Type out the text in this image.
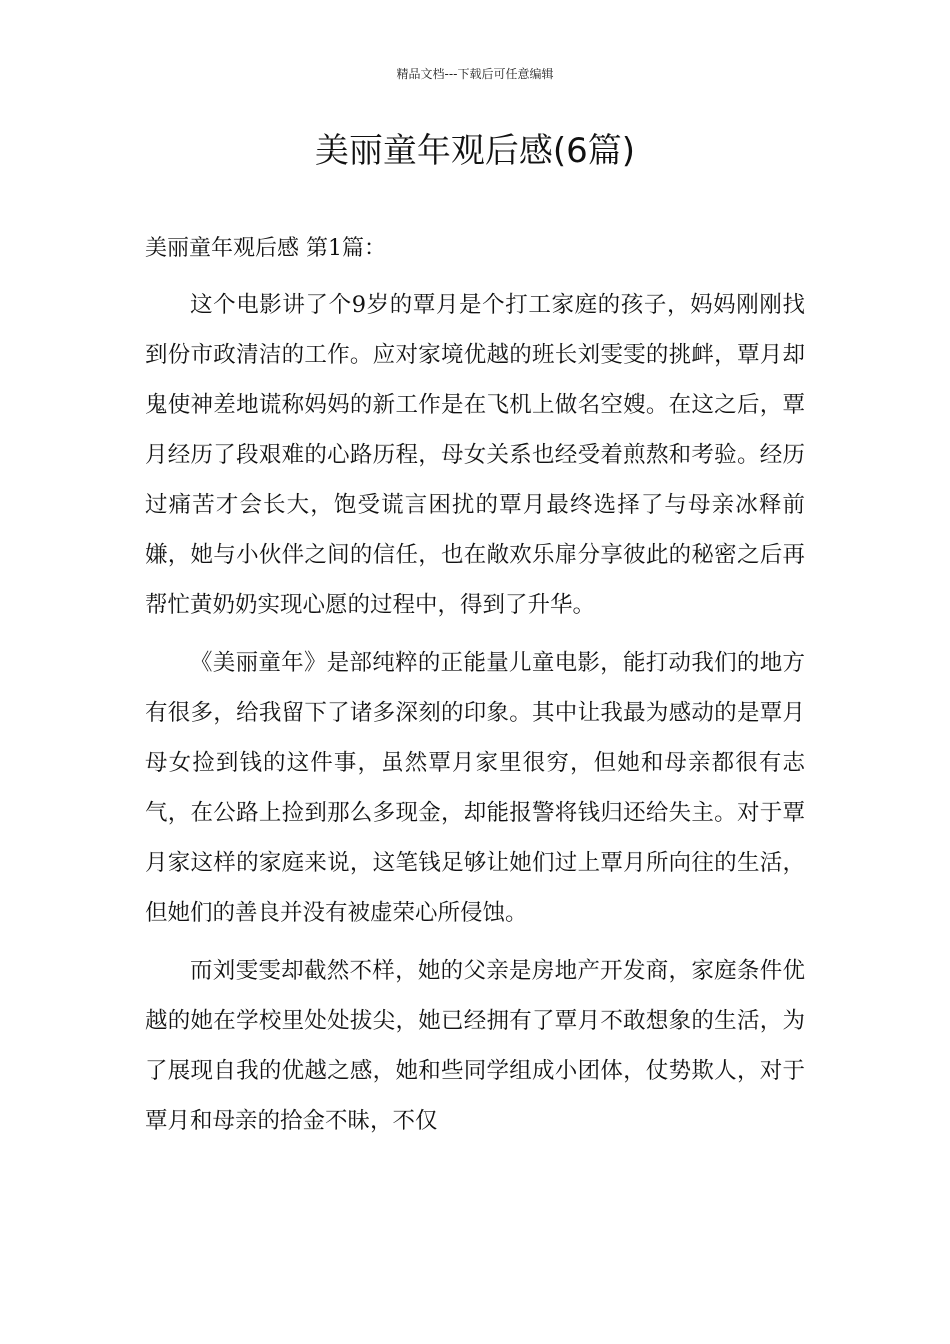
精品文档---下载后可任意编辑
美丽童年观后感(6篇)
美丽童年观后感 第1篇：

这个电影讲了个9岁的覃月是个打工家庭的孩子，妈妈刚刚找到份市政清洁的工作。应对家境优越的班长刘雯雯的挑衅，覃月却鬼使神差地谎称妈妈的新工作是在飞机上做名空嫂。在这之后，覃月经历了段艰难的心路历程，母女关系也经受着煎熬和考验。经历过痛苦才会长大，饱受谎言困扰的覃月最终选择了与母亲冰释前嫌，她与小伙伴之间的信任，也在敞欢乐扉分享彼此的秘密之后再帮忙黄奶奶实现心愿的过程中，得到了升华。

《美丽童年》是部纯粹的正能量儿童电影，能打动我们的地方有很多，给我留下了诸多深刻的印象。其中让我最为感动的是覃月母女捡到钱的这件事，虽然覃月家里很穷，但她和母亲都很有志气，在公路上捡到那么多现金，却能报警将钱归还给失主。对于覃月家这样的家庭来说，这笔钱足够让她们过上覃月所向往的生活，但她们的善良并没有被虚荣心所侵蚀。

而刘雯雯却截然不样，她的父亲是房地产开发商，家庭条件优越的她在学校里处处拔尖，她已经拥有了覃月不敢想象的生活，为了展现自我的优越之感，她和些同学组成小团体，仗势欺人，对于覃月和母亲的拾金不昧，不仅
